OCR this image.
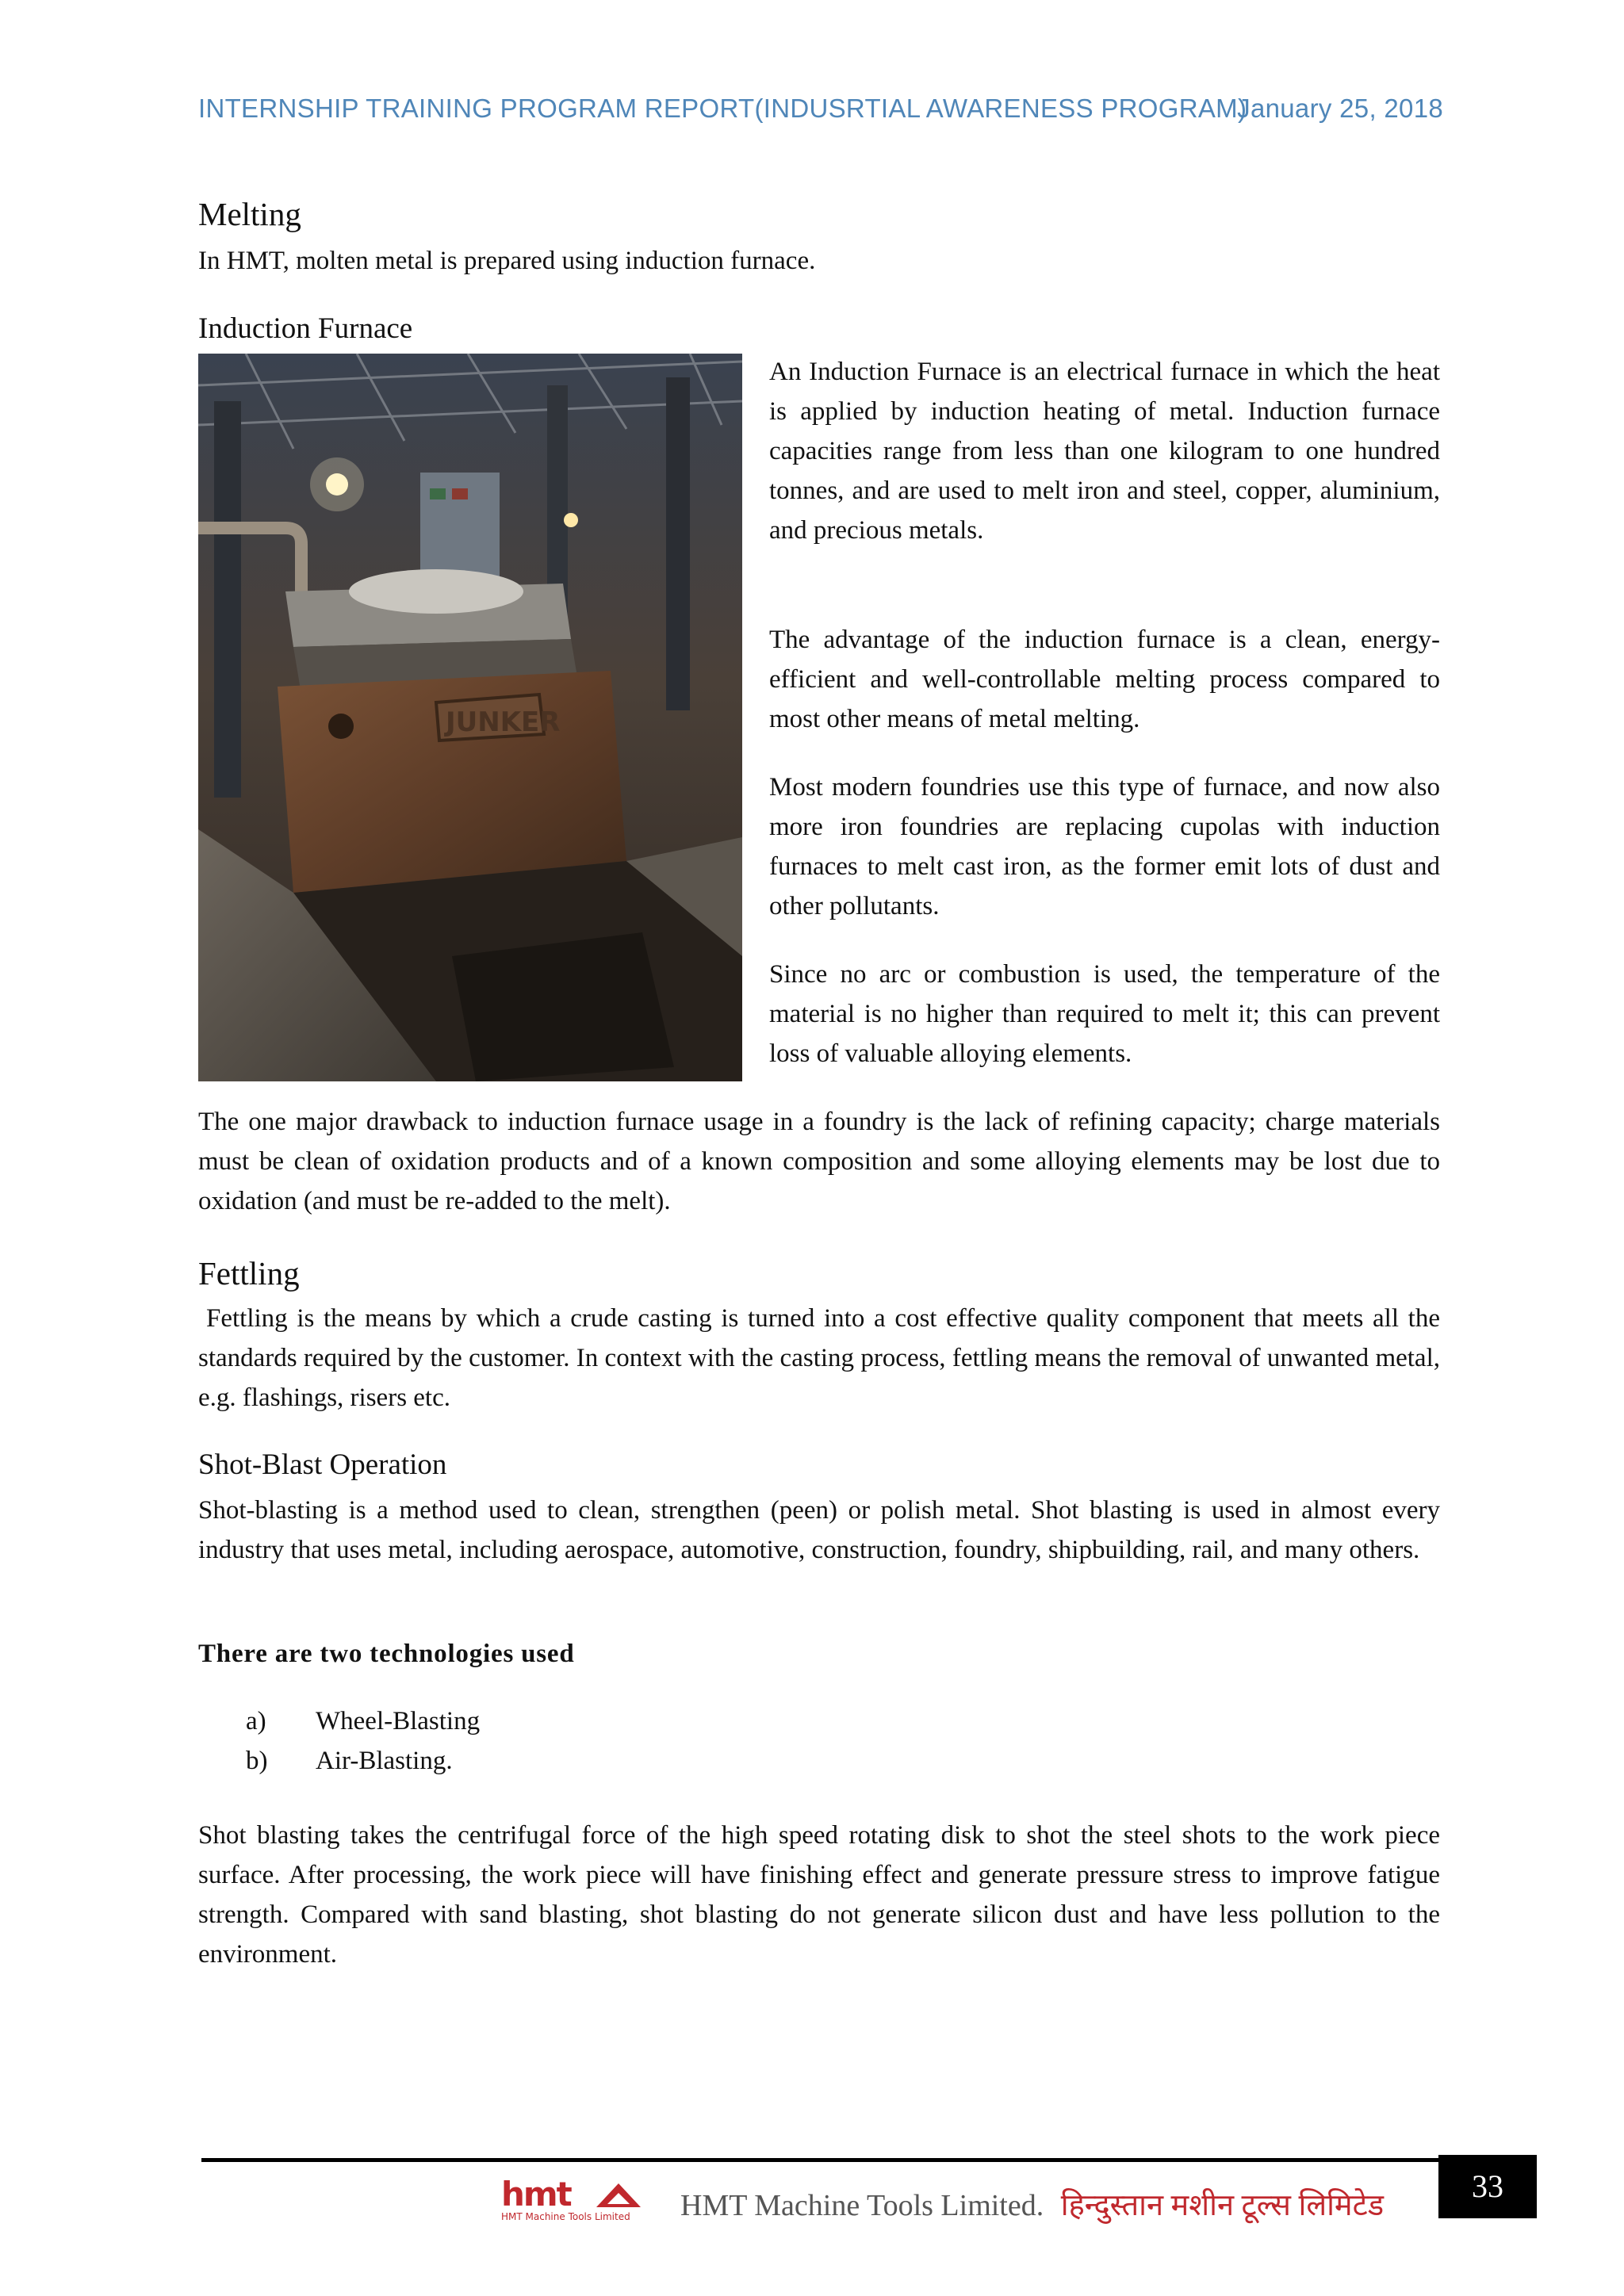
INTERNSHIP TRAINING PROGRAM REPORT(INDUSRTIAL AWARENESS PROGRAM)
January 25, 2018
Melting

In HMT, molten metal is prepared using induction furnace.

Induction Furnace
JUNKER

An Induction Furnace is an electrical furnace in which the heat is applied by induction heating of metal. Induction furnace capacities range from less than one kilogram to one hundred tonnes, and are used to melt iron and steel, copper, aluminium, and precious metals.

The advantage of the induction furnace is a clean, energy-efficient and well-controllable melting process compared to most other means of metal melting.

Most modern foundries use this type of furnace, and now also more iron foundries are replacing cupolas with induction furnaces to melt cast iron, as the former emit lots of dust and other pollutants.

Since no arc or combustion is used, the temperature of the material is no higher than required to melt it; this can prevent loss of valuable alloying elements.

The one major drawback to induction furnace usage in a foundry is the lack of refining capacity; charge materials must be clean of oxidation products and of a known composition and some alloying elements may be lost due to oxidation (and must be re-added to the melt).

Fettling

Fettling is the means by which a crude casting is turned into a cost effective quality component that meets all the standards required by the customer. In context with the casting process, fettling means the removal of unwanted metal, e.g. flashings, risers etc.

Shot-Blast Operation

Shot-blasting is a method used to clean, strengthen (peen) or polish metal. Shot blasting is used in almost every industry that uses metal, including aerospace, automotive, construction, foundry, shipbuilding, rail, and many others.

There are two technologies used

a)	Wheel-Blasting
b)	Air-Blasting.

Shot blasting takes the centrifugal force of the high speed rotating disk to shot the steel shots to the work piece surface. After processing, the work piece will have finishing effect and generate pressure stress to improve fatigue strength. Compared with sand blasting, shot blasting do not generate silicon dust and have less pollution to the environment.

hmt
HMT Machine Tools Limited HMT Machine Tools Limited. हिन्दुस्तान मशीन टूल्स लिमिटेड
33
